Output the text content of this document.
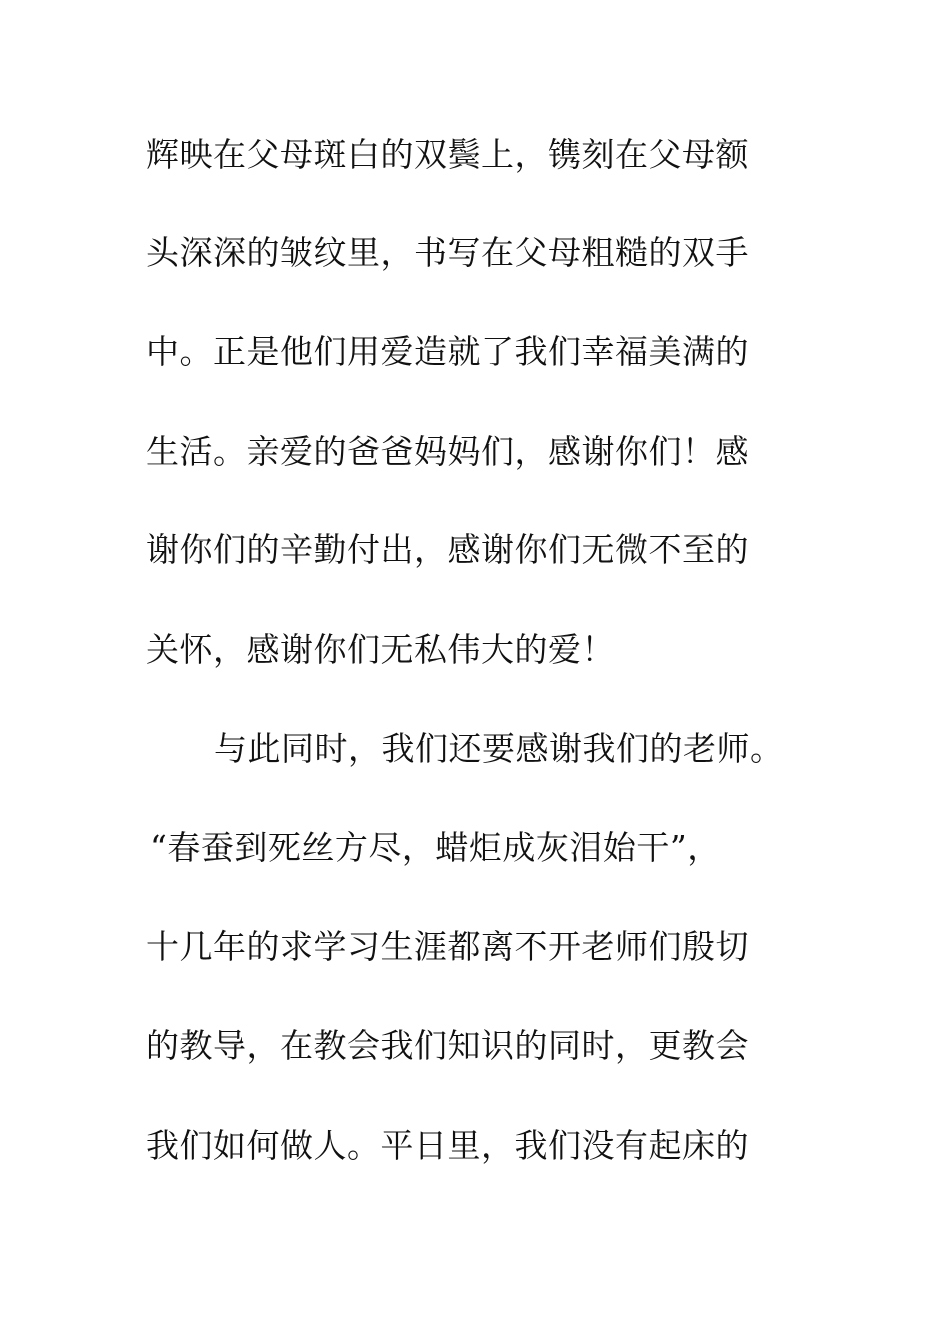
辉映在父母斑白的双鬓上，镌刻在父母额
头深深的皱纹里，书写在父母粗糙的双手
中。正是他们用爱造就了我们幸福美满的
生活。亲爱的爸爸妈妈们，感谢你们！感
谢你们的辛勤付出，感谢你们无微不至的
关怀，感谢你们无私伟大的爱！
与此同时，我们还要感谢我们的老师。
“春蚕到死丝方尽，蜡炬成灰泪始干”，
十几年的求学习生涯都离不开老师们殷切
的教导，在教会我们知识的同时，更教会
我们如何做人。平日里，我们没有起床的
